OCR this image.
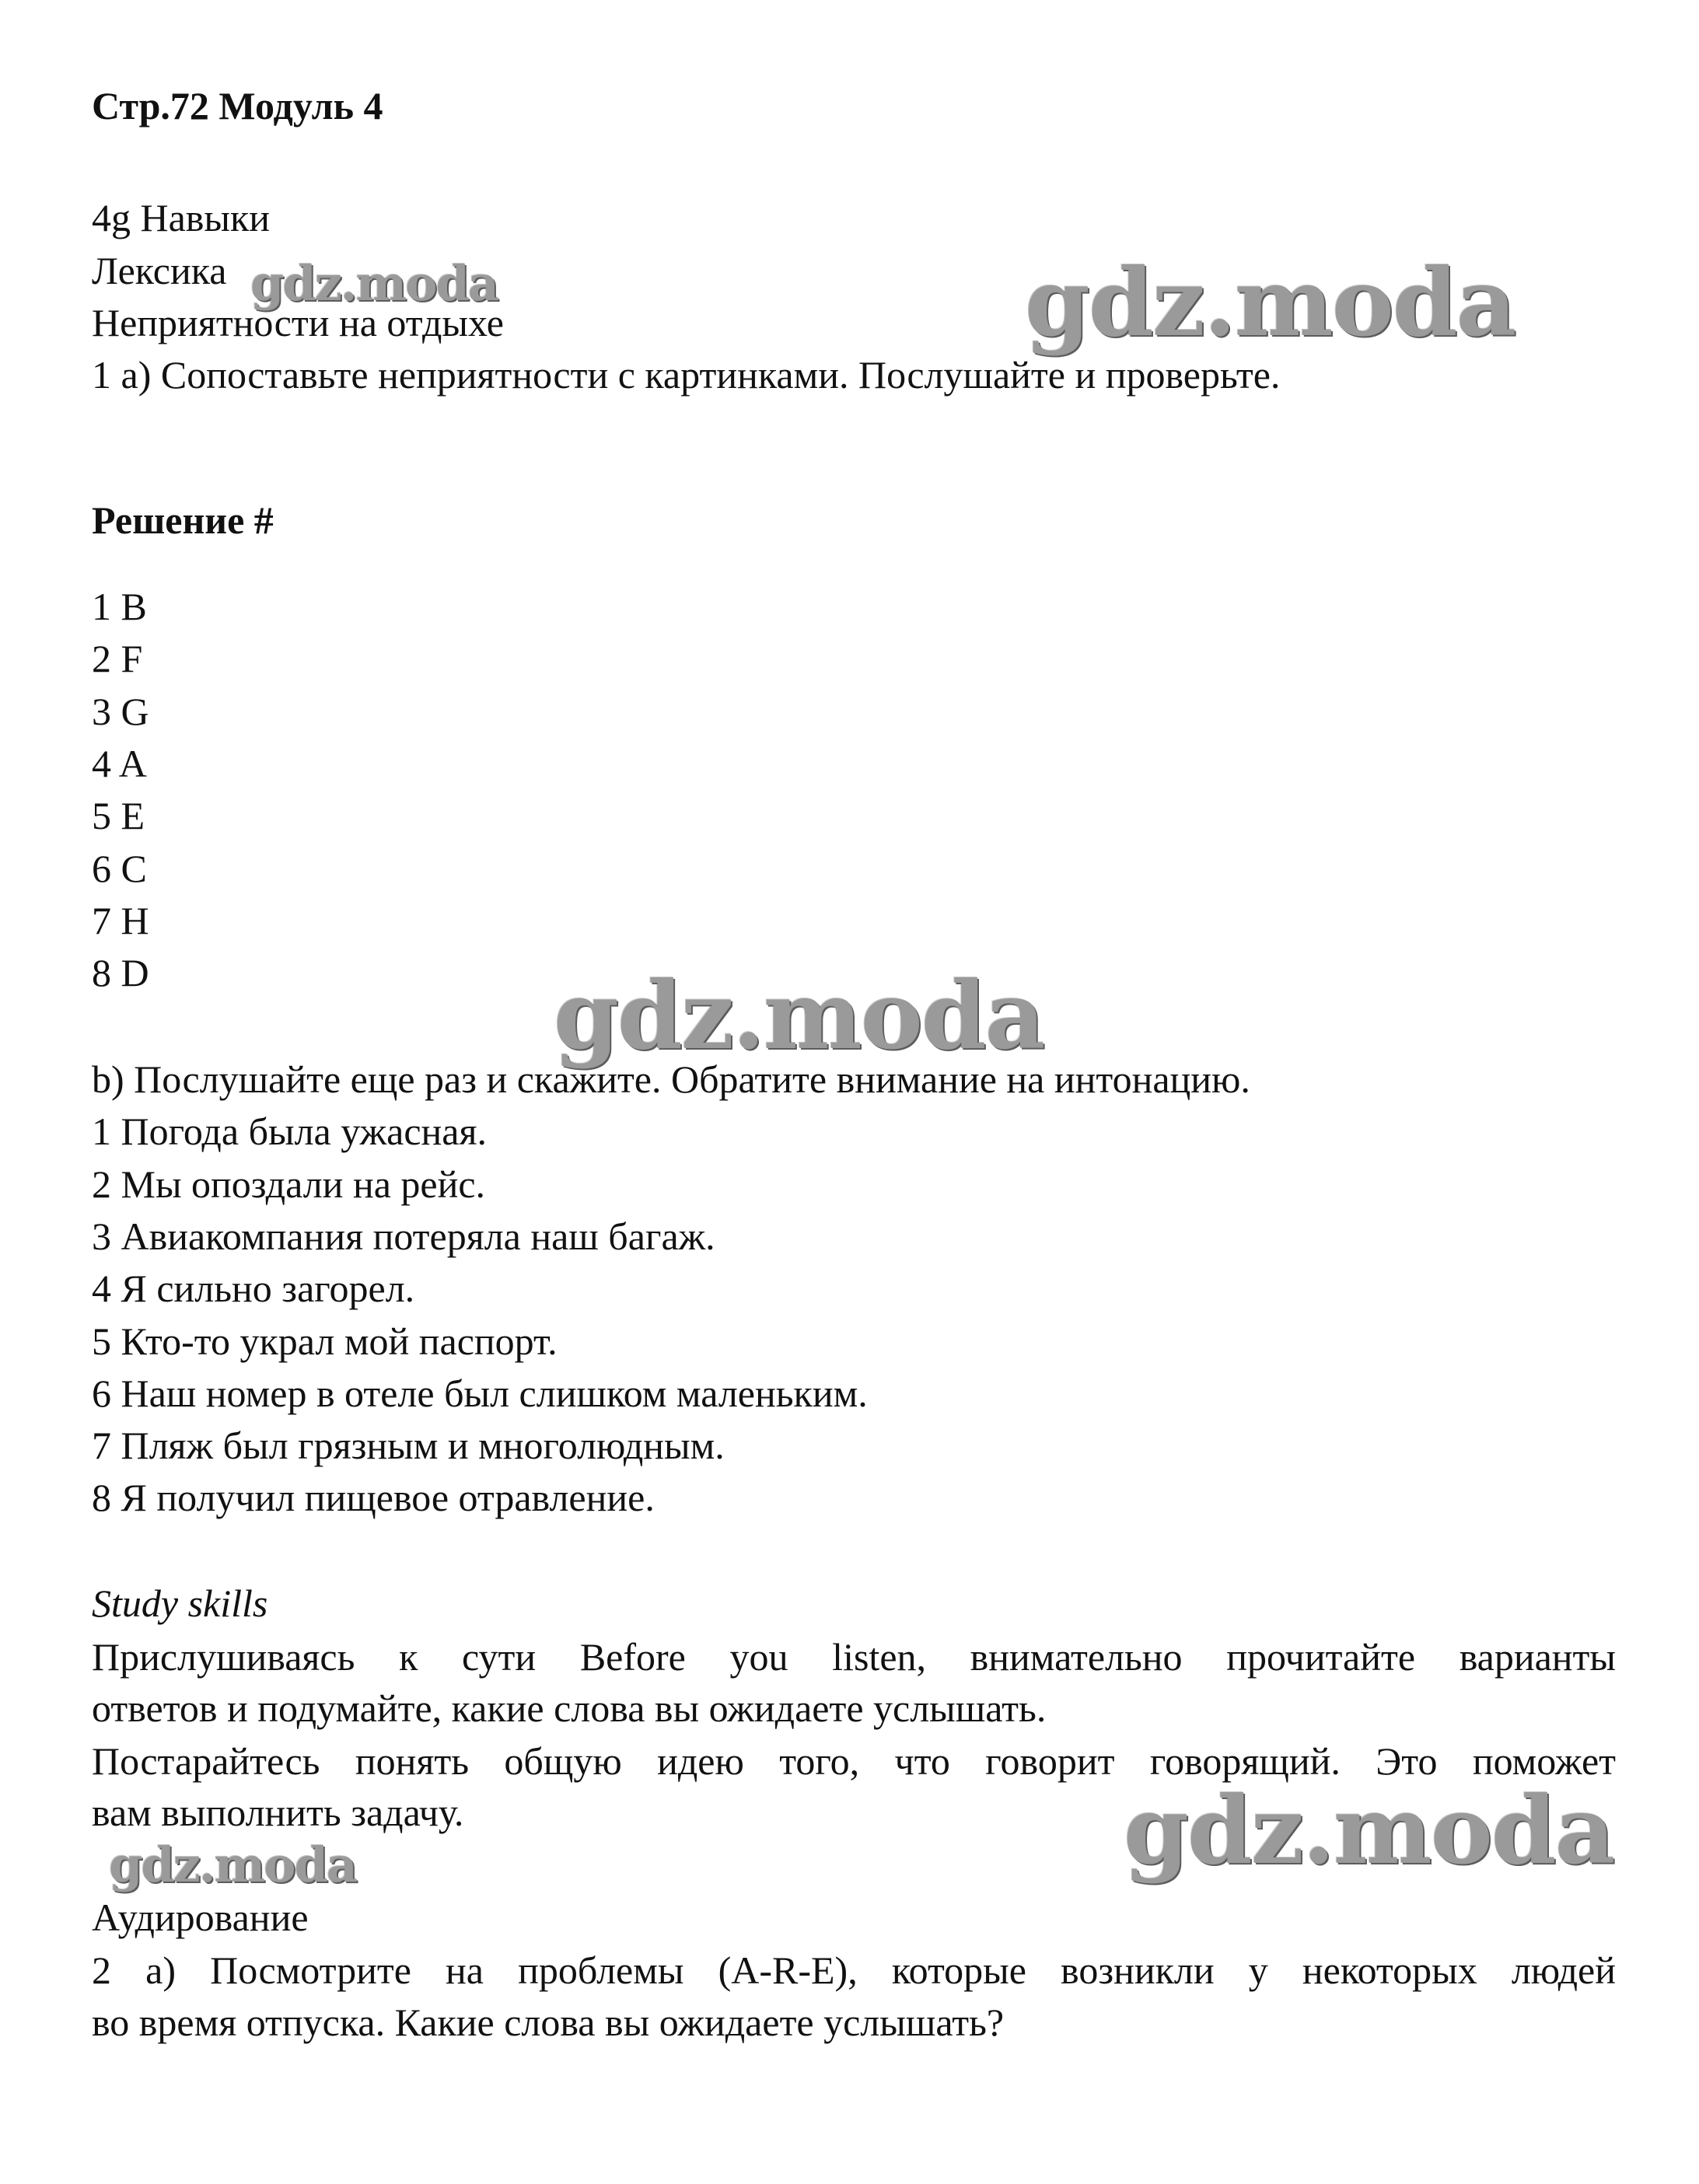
gdz.moda	gdz.moda
gdz.moda
gdz.moda
gdz.moda
Стр.72 Модуль 4
4g Навыки
Лексика
Неприятности на отдыхе
1 a) Сопоставьте неприятности с картинками. Послушайте и проверьте.
Решение #
1 B
2 F
3 G
4 A
5 E
6 C
7 H
8 D
b) Послушайте еще раз и скажите. Обратите внимание на интонацию.
1 Погода была ужасная.
2 Мы опоздали на рейс.
3 Авиакомпания потеряла наш багаж.
4 Я сильно загорел.
5 Кто-то украл мой паспорт.
6 Наш номер в отеле был слишком маленьким.
7 Пляж был грязным и многолюдным.
8 Я получил пищевое отравление.
Study skills
Прислушиваясь к сути Before you listen, внимательно прочитайте варианты
ответов и подумайте, какие слова вы ожидаете услышать.
Постарайтесь понять общую идею того, что говорит говорящий. Это поможет
вам выполнить задачу.
Аудирование
2 a) Посмотрите на проблемы (A-R-E), которые возникли у некоторых людей
во время отпуска. Какие слова вы ожидаете услышать?
